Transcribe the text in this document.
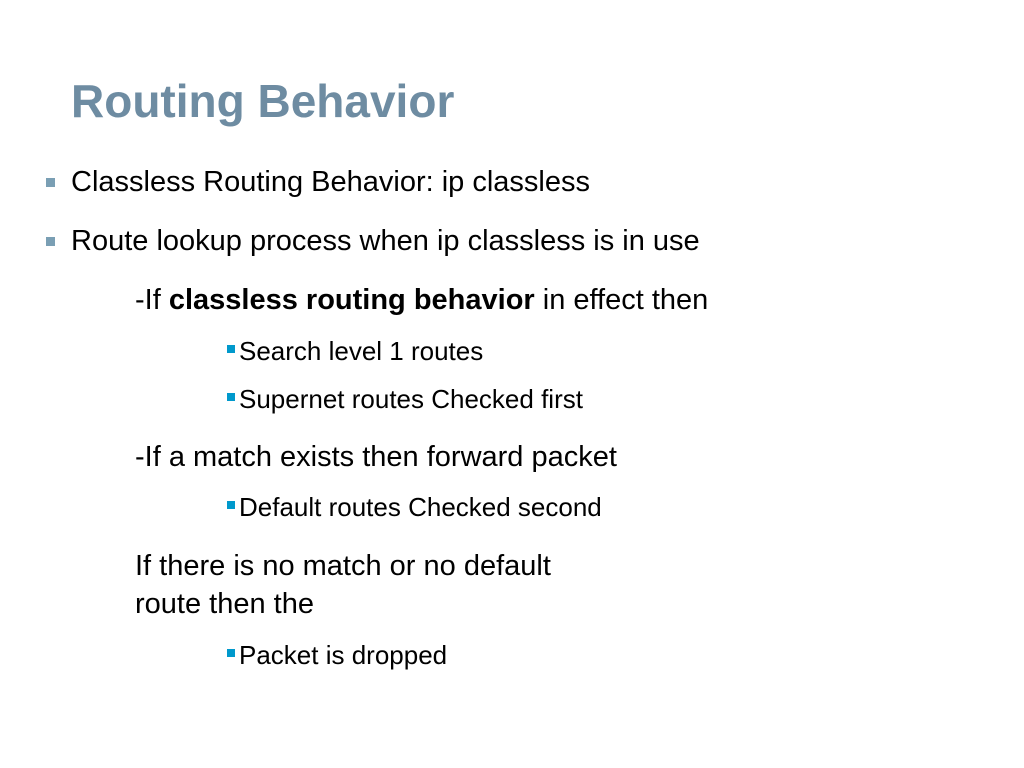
Routing Behavior
Classless Routing Behavior: ip classless
Route lookup process when ip classless is in use
-If classless routing behavior in effect then
Search level 1 routes
Supernet routes Checked first
-If a match exists then forward packet
Default routes Checked second
If there is no match or no default
route then the
Packet is dropped
